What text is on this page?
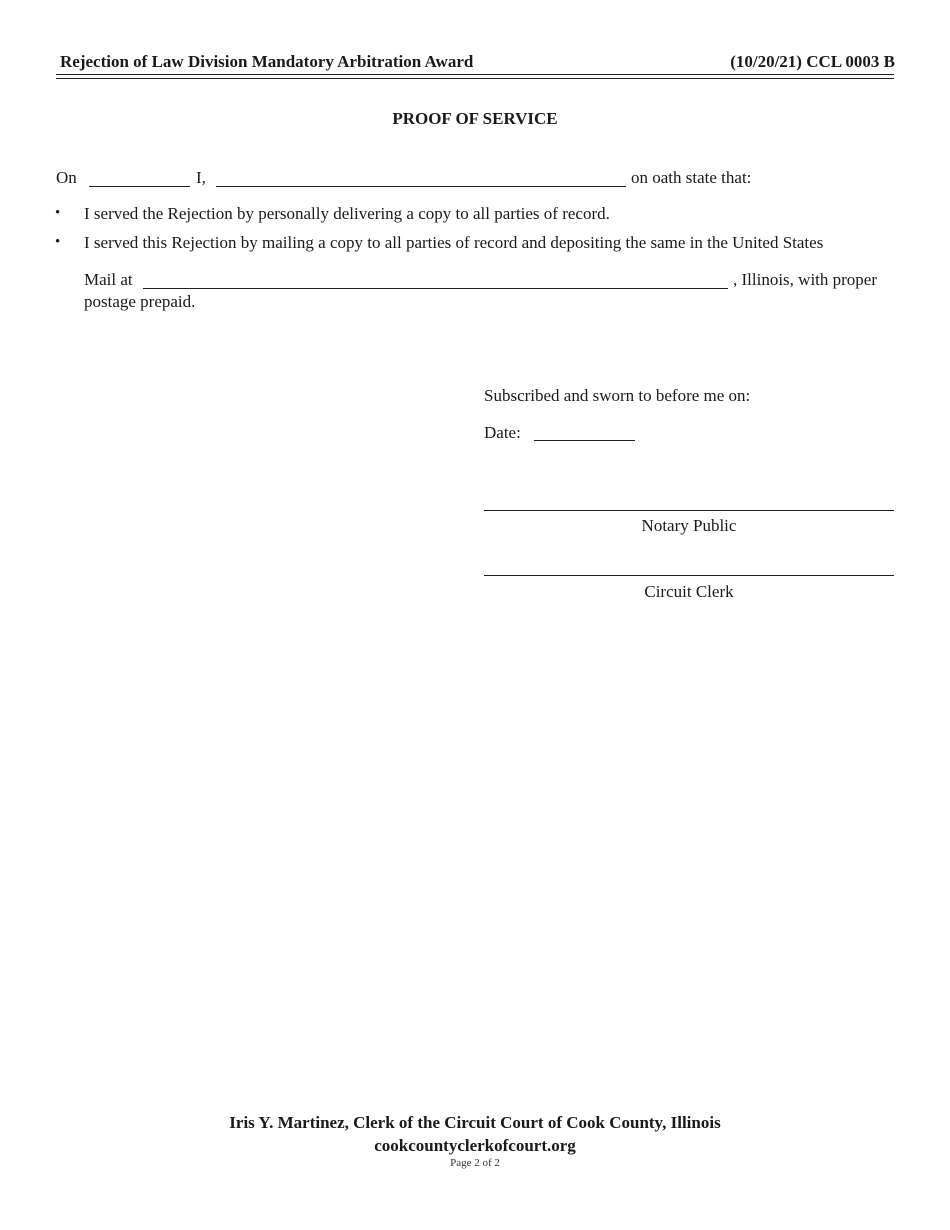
Rejection of Law Division Mandatory Arbitration Award	(10/20/21) CCL 0003 B
PROOF OF SERVICE
On	I,	on oath state that:
• I served the Rejection by personally delivering a copy to all parties of record.
• I served this Rejection by mailing a copy to all parties of record and depositing the same in the United States
Mail at	, Illinois, with proper
postage prepaid.
Subscribed and sworn to before me on:
Date:
Notary Public
Circuit Clerk
Iris Y. Martinez, Clerk of the Circuit Court of Cook County, Illinois
cookcountyclerkofcourt.org
Page 2 of 2
